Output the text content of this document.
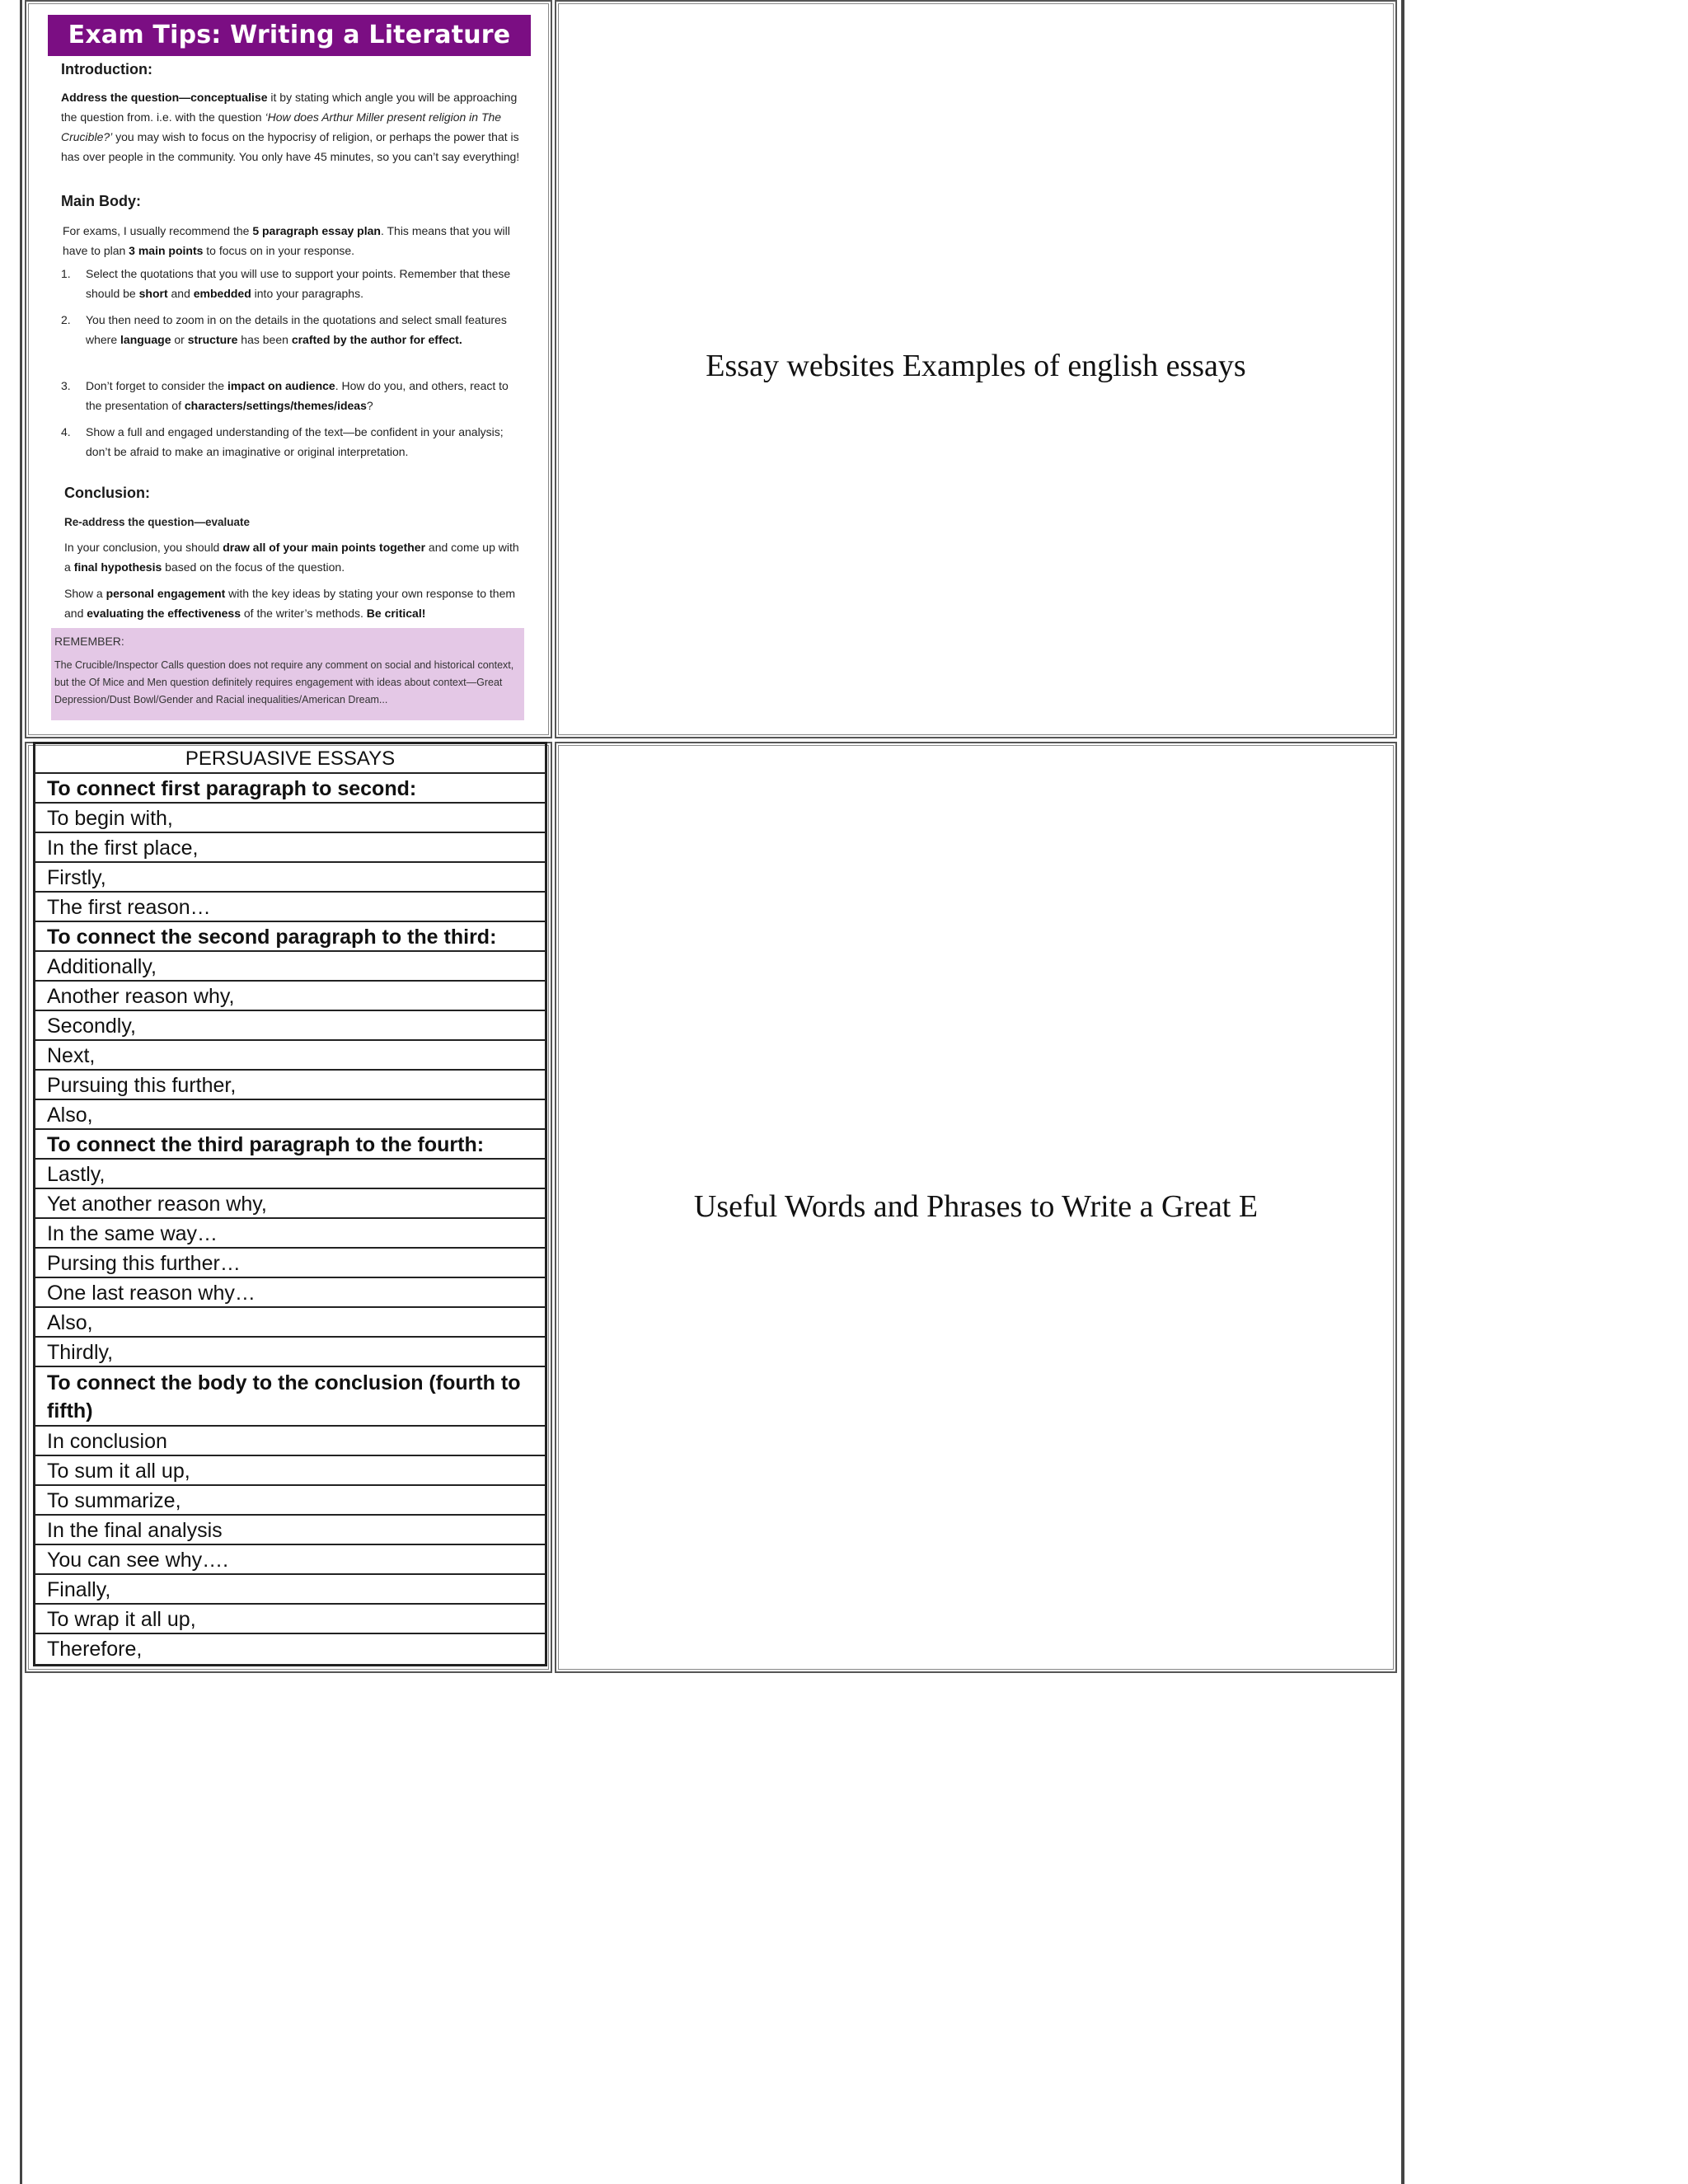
Exam Tips: Writing a Literature Essay
Introduction:
Address the question—conceptualise it by stating which angle you will be approaching the question from. i.e. with the question ‘How does Arthur Miller present religion in The Crucible?’ you may wish to focus on the hypocrisy of religion, or perhaps the power that is has over people in the community. You only have 45 minutes, so you can’t say everything!
Main Body:
For exams, I usually recommend the 5 paragraph essay plan. This means that you will have to plan 3 main points to focus on in your response.
1. Select the quotations that you will use to support your points. Remember that these should be short and embedded into your paragraphs.
2. You then need to zoom in on the details in the quotations and select small features where language or structure has been crafted by the author for effect.
3. Don’t forget to consider the impact on audience. How do you, and others, react to the presentation of characters/settings/themes/ideas?
4. Show a full and engaged understanding of the text—be confident in your analysis; don’t be afraid to make an imaginative or original interpretation.
Conclusion:
Re-address the question—evaluate
In your conclusion, you should draw all of your main points together and come up with a final hypothesis based on the focus of the question.
Show a personal engagement with the key ideas by stating your own response to them and evaluating the effectiveness of the writer’s methods. Be critical!
REMEMBER:
The Crucible/Inspector Calls question does not require any comment on social and historical context, but the Of Mice and Men question definitely requires engagement with ideas about context—Great Depression/Dust Bowl/Gender and Racial inequalities/American Dream...
Essay websites Examples of english essays
PERSUASIVE ESSAYS
To connect first paragraph to second:
To begin with,
In the first place,
Firstly,
The first reason…
To connect the second paragraph to the third:
Additionally,
Another reason why,
Secondly,
Next,
Pursuing this further,
Also,
To connect the third paragraph to the fourth:
Lastly,
Yet another reason why,
In the same way…
Pursing this further…
One last reason why…
Also,
Thirdly,
To connect the body to the conclusion (fourth to fifth)
In conclusion
To sum it all up,
To summarize,
In the final analysis
You can see why….
Finally,
To wrap it all up,
Therefore,
Useful Words and Phrases to Write a Great E
